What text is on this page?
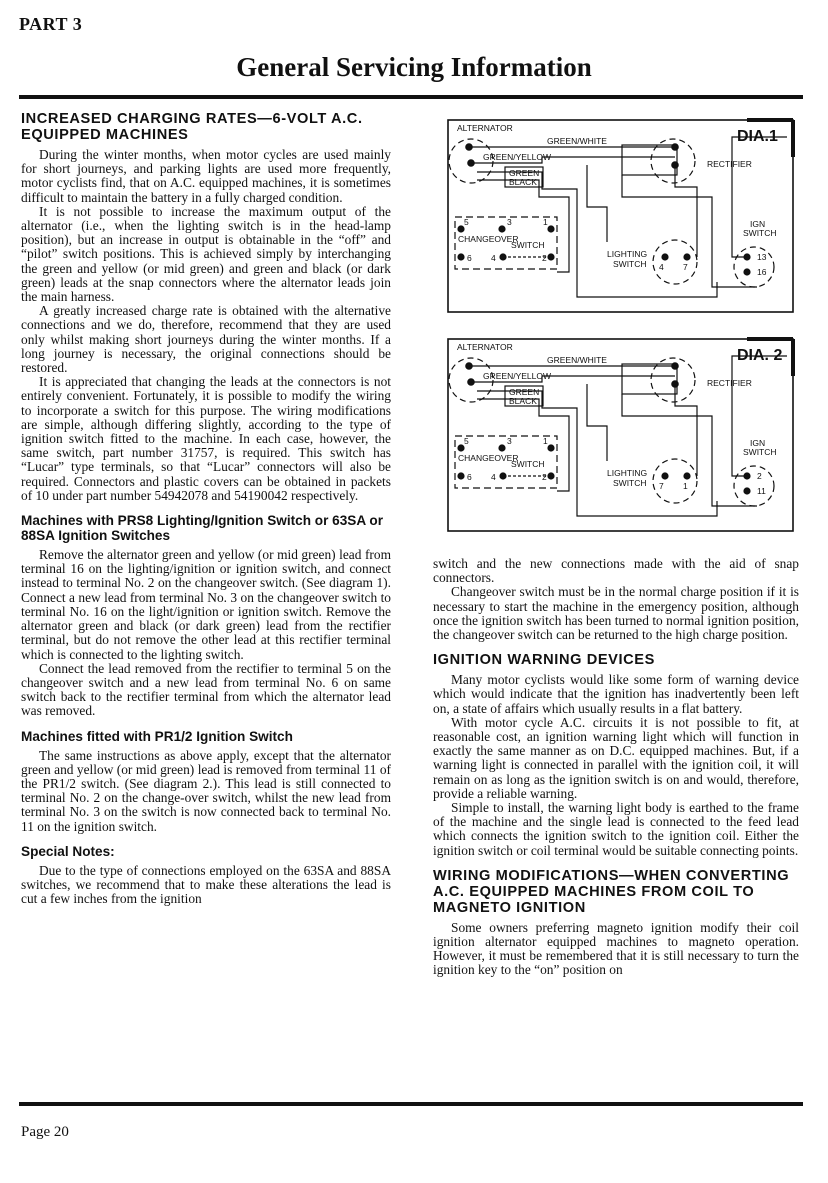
PART 3
General Servicing Information
INCREASED CHARGING RATES—6-VOLT A.C. EQUIPPED MACHINES

During the winter months, when motor cycles are used mainly for short journeys, and parking lights are used more frequently, motor cyclists find, that on A.C. equipped machines, it is sometimes difficult to maintain the battery in a fully charged condition.

It is not possible to increase the maximum output of the alternator (i.e., when the lighting switch is in the head-lamp position), but an increase in output is obtainable in the “off” and “pilot” switch positions. This is achieved simply by interchanging the green and yellow (or mid green) and green and black (or dark green) leads at the snap connectors where the alternator leads join the main harness.

A greatly increased charge rate is obtained with the alternative connections and we do, therefore, recommend that they are used only whilst making short journeys during the winter months. If a long journey is necessary, the original connections should be restored.

It is appreciated that changing the leads at the connectors is not entirely convenient. Fortunately, it is possible to modify the wiring to incorporate a switch for this purpose. The wiring modifications are simple, although differing slightly, according to the type of ignition switch fitted to the machine. In each case, however, the same switch, part number 31757, is required. This switch has “Lucar” type terminals, so that “Lucar” connectors will also be required. Connectors and plastic covers can be obtained in packets of 10 under part number 54942078 and 54190042 respectively.

Machines with PRS8 Lighting/Ignition Switch or 63SA or 88SA Ignition Switches

Remove the alternator green and yellow (or mid green) lead from terminal 16 on the lighting/ignition or ignition switch, and connect instead to terminal No. 2 on the changeover switch. (See diagram 1). Connect a new lead from terminal No. 3 on the changeover switch to terminal No. 16 on the light/ignition or ignition switch. Remove the alternator green and black (or dark green) lead from the rectifier terminal, but do not remove the other lead at this rectifier terminal which is connected to the lighting switch.

Connect the lead removed from the rectifier to terminal 5 on the changeover switch and a new lead from terminal No. 6 on same switch back to the rectifier terminal from which the alternator lead was removed.

Machines fitted with PR1/2 Ignition Switch

The same instructions as above apply, except that the alternator green and yellow (or mid green) lead is removed from terminal 11 of the PR1/2 switch. (See diagram 2.). This lead is still connected to terminal No. 2 on the change-over switch, whilst the new lead from terminal No. 3 on the switch is now connected back to terminal No. 11 on the ignition switch.

Special Notes:

Due to the type of connections employed on the 63SA and 88SA switches, we recommend that to make these alterations the lead is cut a few inches from the ignition

ALTERNATOR
GREEN/WHITE
GREEN/YELLOW
GREEN
BLACK
RECTIFIER
DIA.1
5	3	1
CHANGEOVER
SWITCH
6 4	2	LIGHTING
SWITCH 4 7
IGN
SWITCH
13
16
ALTERNATOR
GREEN/WHITE
GREEN/YELLOW
GREEN
BLACK
RECTIFIER
DIA. 2
5	3	1
CHANGEOVER
SWITCH
6 4	2	LIGHTING
SWITCH 7 1
IGN
SWITCH
2
11

switch and the new connections made with the aid of snap connectors.

Changeover switch must be in the normal charge position if it is necessary to start the machine in the emergency position, although once the ignition switch has been turned to normal ignition position, the changeover switch can be returned to the high charge position.

IGNITION WARNING DEVICES

Many motor cyclists would like some form of warning device which would indicate that the ignition has inadvertently been left on, a state of affairs which usually results in a flat battery.

With motor cycle A.C. circuits it is not possible to fit, at reasonable cost, an ignition warning light which will function in exactly the same manner as on D.C. equipped machines. But, if a warning light is connected in parallel with the ignition coil, it will remain on as long as the ignition switch is on and would, therefore, provide a reliable warning.

Simple to install, the warning light body is earthed to the frame of the machine and the single lead is connected to the feed lead which connects the ignition switch to the ignition coil. Either the ignition switch or coil terminal would be suitable connecting points.

WIRING MODIFICATIONS—WHEN CONVERTING A.C. EQUIPPED MACHINES FROM COIL TO MAGNETO IGNITION

Some owners preferring magneto ignition modify their coil ignition alternator equipped machines to magneto operation. However, it must be remembered that it is still necessary to turn the ignition key to the “on” position on

Page 20
